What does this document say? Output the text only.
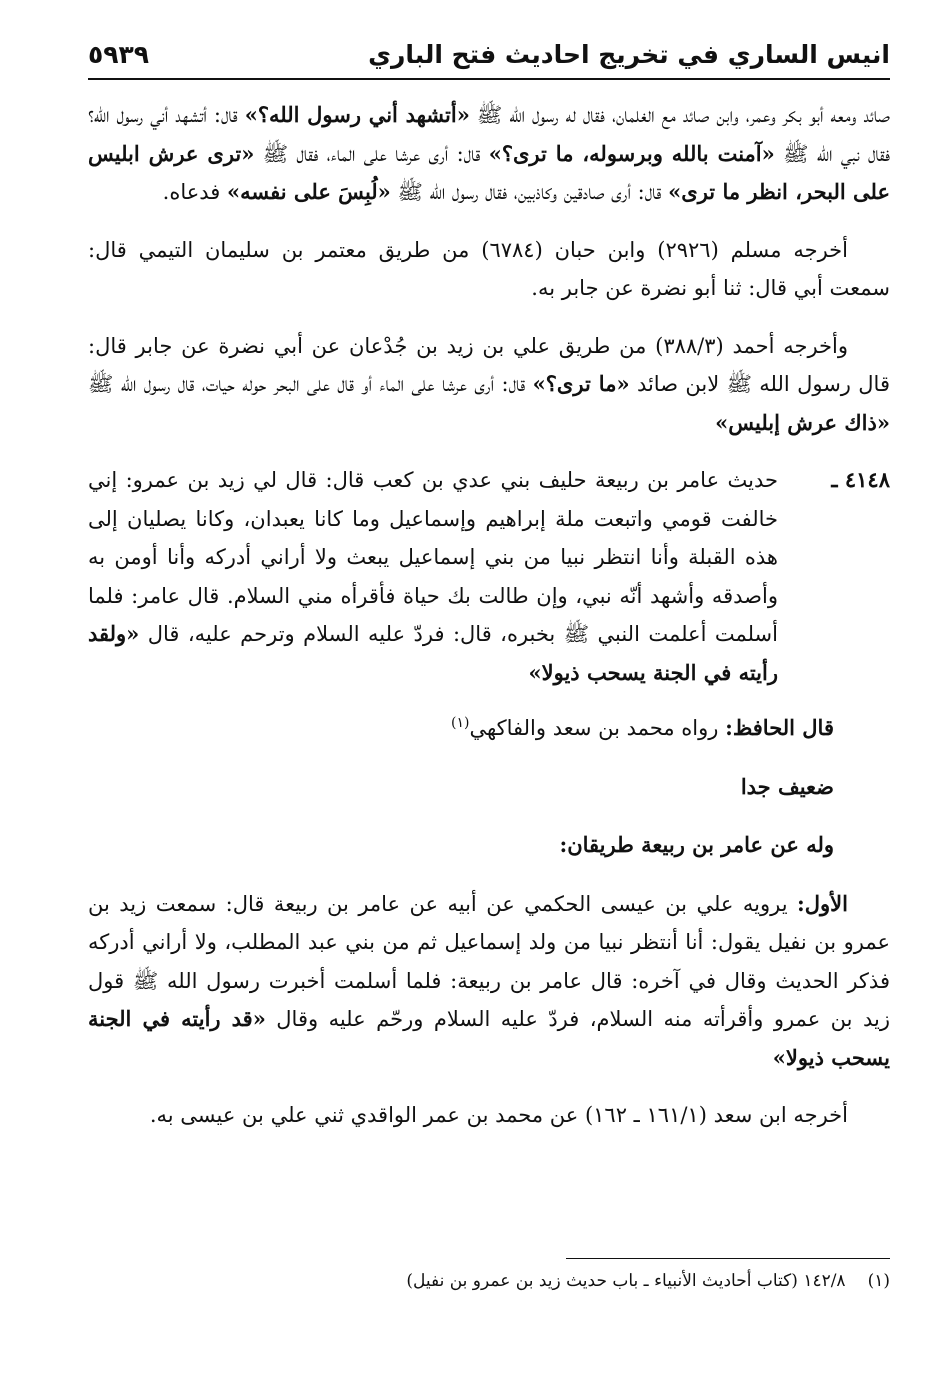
انيس الساري في تخريج احاديث فتح الباري
٥٩٣٩

صائد ومعه أبو بكر وعمر، وابن صائد مع الغلمان، فقال له رسول الله ﷺ «أتشهد أني رسول الله؟» قال: أتشهد أني رسول الله؟ فقال نبي الله ﷺ «آمنت بالله وبرسوله، ما ترى؟» قال: أرى عرشا على الماء، فقال ﷺ «ترى عرش ابليس على البحر، انظر ما ترى» قال: أرى صادقين وكاذبين، فقال رسول الله ﷺ «لُبِسَ على نفسه» فدعاه.

أخرجه مسلم (٢٩٢٦) وابن حبان (٦٧٨٤) من طريق معتمر بن سليمان التيمي قال: سمعت أبي قال: ثنا أبو نضرة عن جابر به.

وأخرجه أحمد (٣٨٨/٣) من طريق علي بن زيد بن جُدْعان عن أبي نضرة عن جابر قال: قال رسول الله ﷺ لابن صائد «ما ترى؟» قال: أرى عرشا على الماء أو قال على البحر حوله حيات، قال رسول الله ﷺ «ذاك عرش إبليس»

٤١٤٨ ـ
حديث عامر بن ربيعة حليف بني عدي بن كعب قال: قال لي زيد بن عمرو: إني خالفت قومي واتبعت ملة إبراهيم وإسماعيل وما كانا يعبدان، وكانا يصليان إلى هذه القبلة وأنا انتظر نبيا من بني إسماعيل يبعث ولا أراني أدركه وأنا أومن به وأصدقه وأشهد أنّه نبي، وإن طالت بك حياة فأقرأه مني السلام. قال عامر: فلما أسلمت أعلمت النبي ﷺ بخبره، قال: فردّ عليه السلام وترحم عليه، قال «ولقد رأيته في الجنة يسحب ذيولا»

قال الحافظ: رواه محمد بن سعد والفاكهي$^{(١)}$

ضعيف جدا

وله عن عامر بن ربيعة طريقان:

الأول: يرويه علي بن عيسى الحكمي عن أبيه عن عامر بن ربيعة قال: سمعت زيد بن عمرو بن نفيل يقول: أنا أنتظر نبيا من ولد إسماعيل ثم من بني عبد المطلب، ولا أراني أدركه فذكر الحديث وقال في آخره: قال عامر بن ربيعة: فلما أسلمت أخبرت رسول الله ﷺ قول زيد بن عمرو وأقرأته منه السلام، فردّ عليه السلام ورحّم عليه وقال «قد رأيته في الجنة يسحب ذيولا»

أخرجه ابن سعد (١٦١/١ ـ ١٦٢) عن محمد بن عمر الواقدي ثني علي بن عيسى به.

(١)١٤٢/٨ (كتاب أحاديث الأنبياء ـ باب حديث زيد بن عمرو بن نفيل)
